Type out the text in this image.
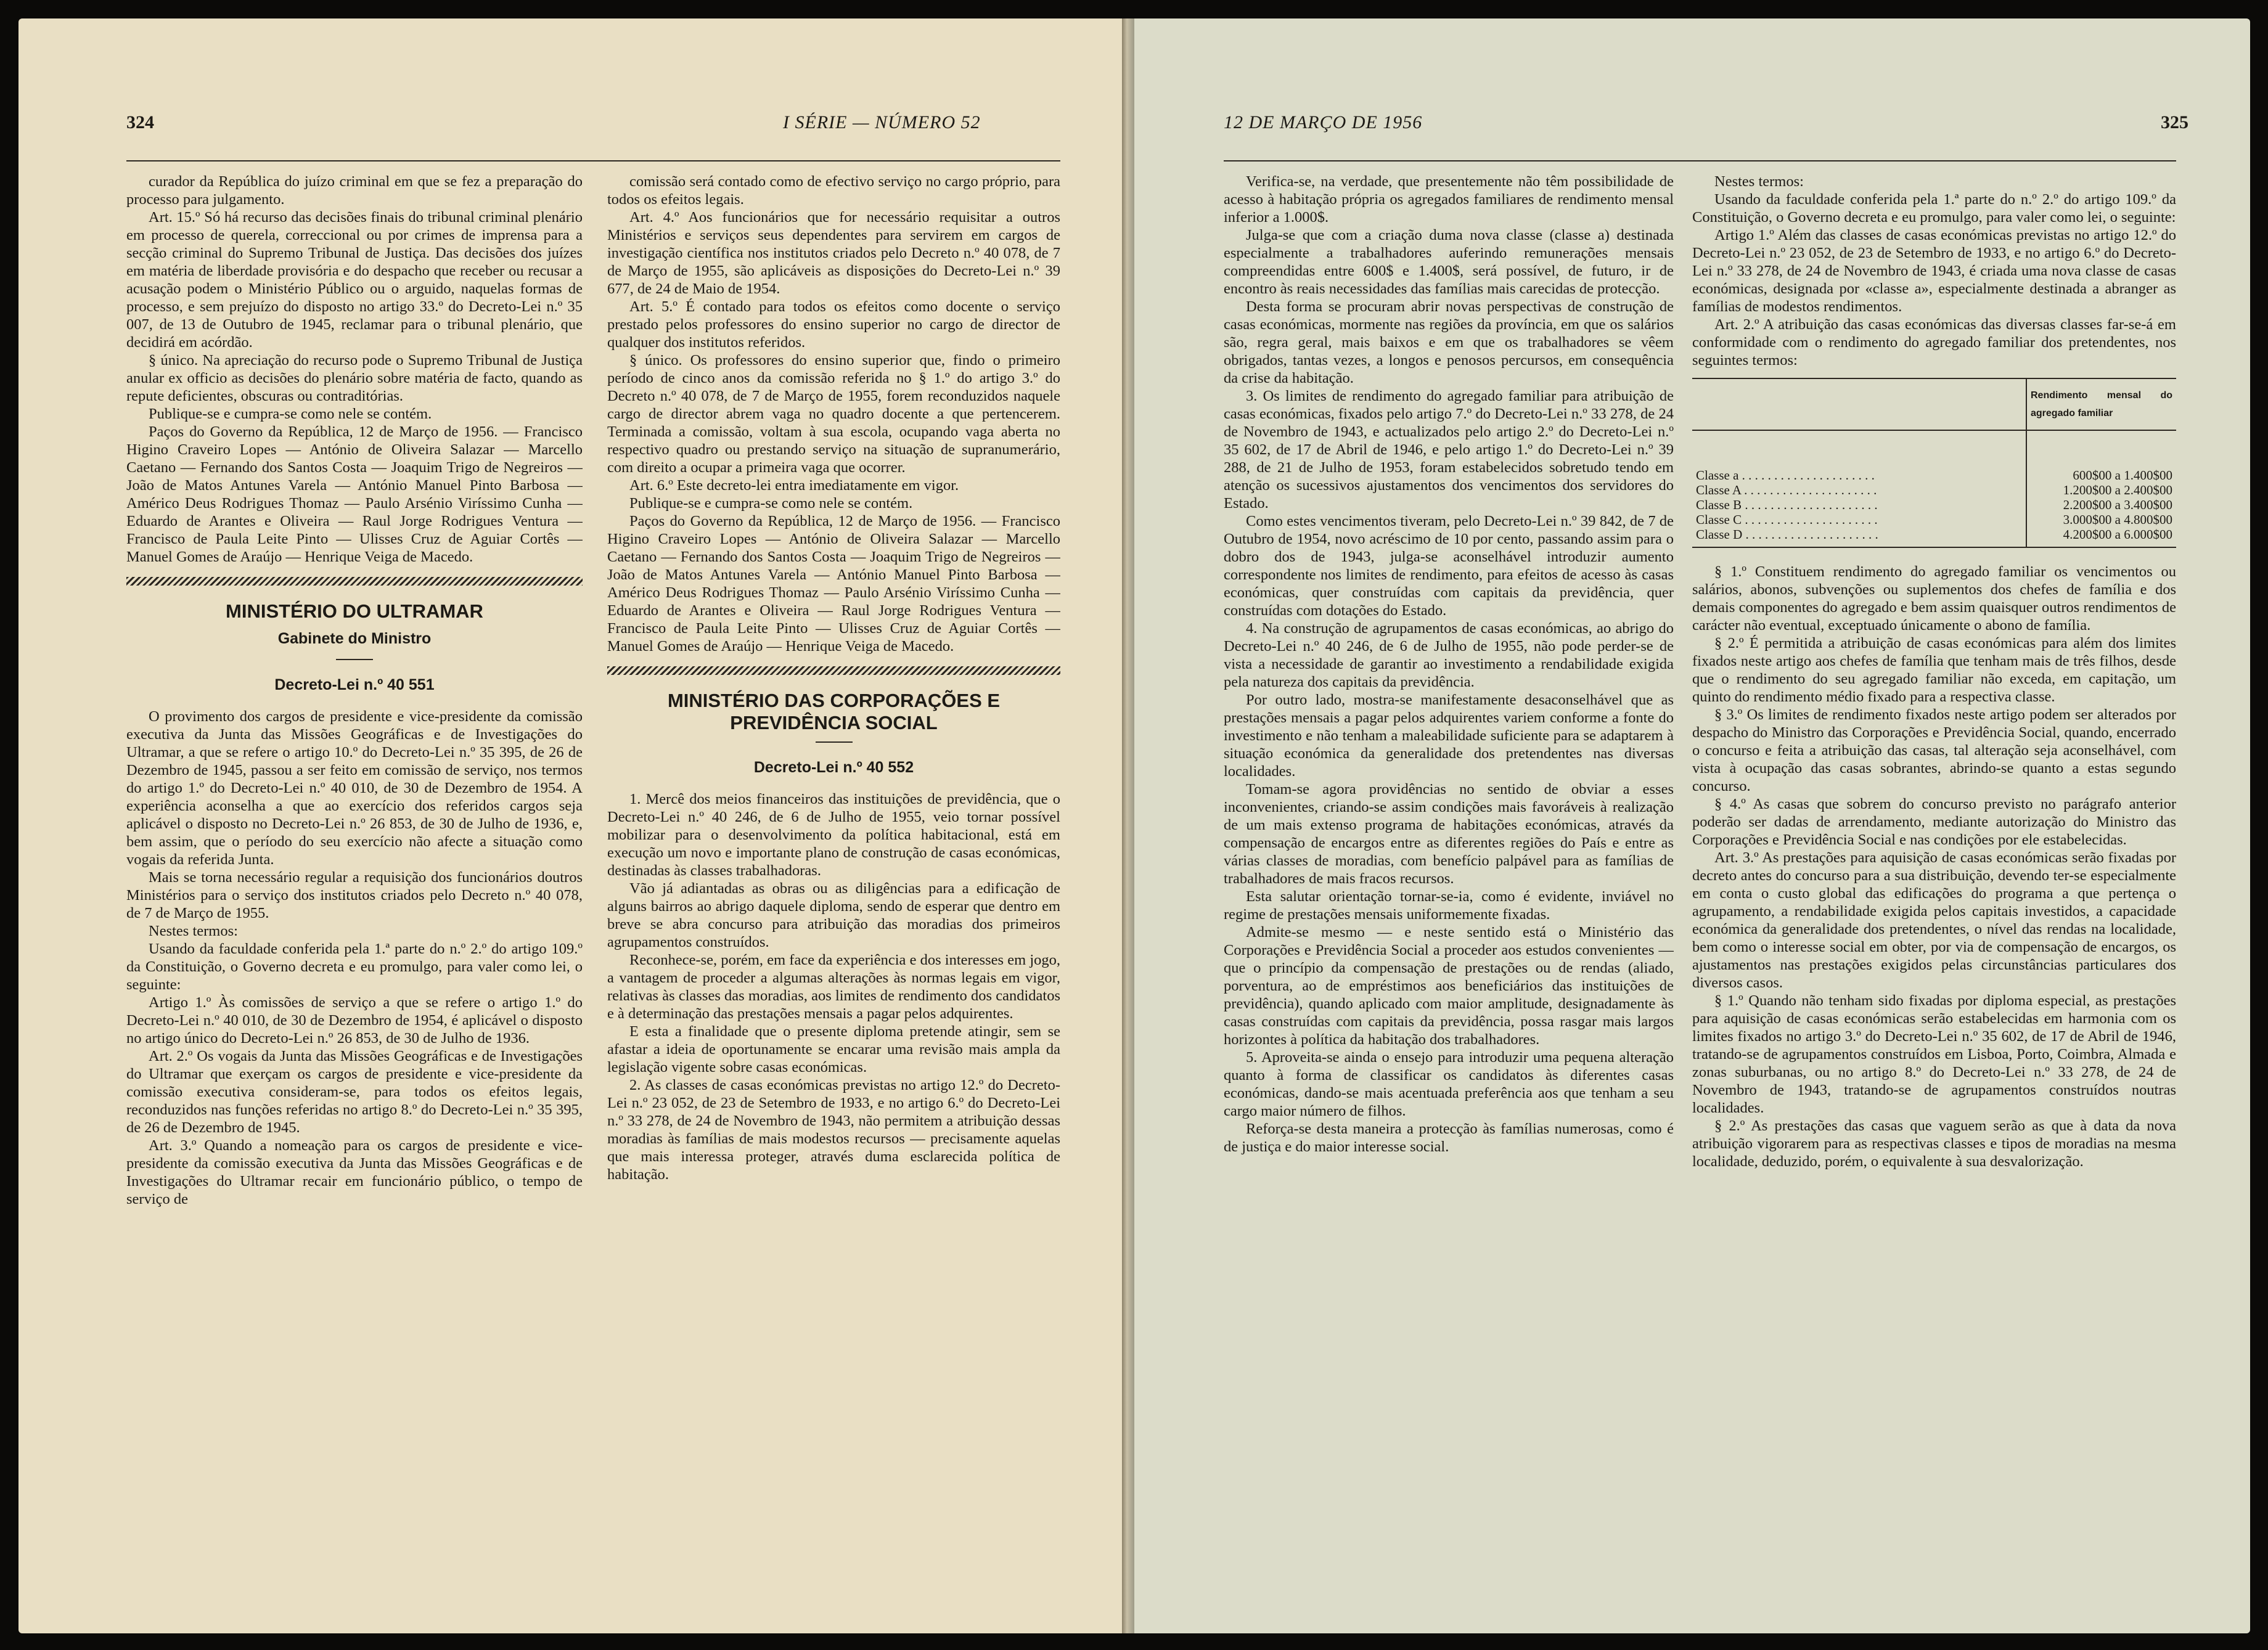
324	I SÉRIE — NÚMERO 52

curador da República do juízo criminal em que se fez a preparação do processo para julgamento.

Art. 15.º Só há recurso das decisões finais do tribunal criminal plenário em processo de querela, correccional ou por crimes de imprensa para a secção criminal do Supremo Tribunal de Justiça. Das decisões dos juízes em matéria de liberdade provisória e do despacho que receber ou recusar a acusação podem o Ministério Público ou o arguido, naquelas formas de processo, e sem prejuízo do disposto no artigo 33.º do Decreto-Lei n.º 35 007, de 13 de Outubro de 1945, reclamar para o tribunal plenário, que decidirá em acórdão.

§ único. Na apreciação do recurso pode o Supremo Tribunal de Justiça anular ex officio as decisões do plenário sobre matéria de facto, quando as repute deficientes, obscuras ou contraditórias.

Publique-se e cumpra-se como nele se contém.

Paços do Governo da República, 12 de Março de 1956. — Francisco Higino Craveiro Lopes — António de Oliveira Salazar — Marcello Caetano — Fernando dos Santos Costa — Joaquim Trigo de Negreiros — João de Matos Antunes Varela — António Manuel Pinto Barbosa — Américo Deus Rodrigues Thomaz — Paulo Arsénio Viríssimo Cunha — Eduardo de Arantes e Oliveira — Raul Jorge Rodrigues Ventura — Francisco de Paula Leite Pinto — Ulisses Cruz de Aguiar Cortês — Manuel Gomes de Araújo — Henrique Veiga de Macedo.

MINISTÉRIO DO ULTRAMAR
Gabinete do Ministro
Decreto-Lei n.º 40 551

O provimento dos cargos de presidente e vice-presidente da comissão executiva da Junta das Missões Geográficas e de Investigações do Ultramar, a que se refere o artigo 10.º do Decreto-Lei n.º 35 395, de 26 de Dezembro de 1945, passou a ser feito em comissão de serviço, nos termos do artigo 1.º do Decreto-Lei n.º 40 010, de 30 de Dezembro de 1954. A experiência aconselha a que ao exercício dos referidos cargos seja aplicável o disposto no Decreto-Lei n.º 26 853, de 30 de Julho de 1936, e, bem assim, que o período do seu exercício não afecte a situação como vogais da referida Junta.

Mais se torna necessário regular a requisição dos funcionários doutros Ministérios para o serviço dos institutos criados pelo Decreto n.º 40 078, de 7 de Março de 1955.

Nestes termos:

Usando da faculdade conferida pela 1.ª parte do n.º 2.º do artigo 109.º da Constituição, o Governo decreta e eu promulgo, para valer como lei, o seguinte:

Artigo 1.º Às comissões de serviço a que se refere o artigo 1.º do Decreto-Lei n.º 40 010, de 30 de Dezembro de 1954, é aplicável o disposto no artigo único do Decreto-Lei n.º 26 853, de 30 de Julho de 1936.

Art. 2.º Os vogais da Junta das Missões Geográficas e de Investigações do Ultramar que exerçam os cargos de presidente e vice-presidente da comissão executiva consideram-se, para todos os efeitos legais, reconduzidos nas funções referidas no artigo 8.º do Decreto-Lei n.º 35 395, de 26 de Dezembro de 1945.

Art. 3.º Quando a nomeação para os cargos de presidente e vice-presidente da comissão executiva da Junta das Missões Geográficas e de Investigações do Ultramar recair em funcionário público, o tempo de serviço de

comissão será contado como de efectivo serviço no cargo próprio, para todos os efeitos legais.

Art. 4.º Aos funcionários que for necessário requisitar a outros Ministérios e serviços seus dependentes para servirem em cargos de investigação científica nos institutos criados pelo Decreto n.º 40 078, de 7 de Março de 1955, são aplicáveis as disposições do Decreto-Lei n.º 39 677, de 24 de Maio de 1954.

Art. 5.º É contado para todos os efeitos como docente o serviço prestado pelos professores do ensino superior no cargo de director de qualquer dos institutos referidos.

§ único. Os professores do ensino superior que, findo o primeiro período de cinco anos da comissão referida no § 1.º do artigo 3.º do Decreto n.º 40 078, de 7 de Março de 1955, forem reconduzidos naquele cargo de director abrem vaga no quadro docente a que pertencerem. Terminada a comissão, voltam à sua escola, ocupando vaga aberta no respectivo quadro ou prestando serviço na situação de supranumerário, com direito a ocupar a primeira vaga que ocorrer.

Art. 6.º Este decreto-lei entra imediatamente em vigor.

Publique-se e cumpra-se como nele se contém.

Paços do Governo da República, 12 de Março de 1956. — Francisco Higino Craveiro Lopes — António de Oliveira Salazar — Marcello Caetano — Fernando dos Santos Costa — Joaquim Trigo de Negreiros — João de Matos Antunes Varela — António Manuel Pinto Barbosa — Américo Deus Rodrigues Thomaz — Paulo Arsénio Viríssimo Cunha — Eduardo de Arantes e Oliveira — Raul Jorge Rodrigues Ventura — Francisco de Paula Leite Pinto — Ulisses Cruz de Aguiar Cortês — Manuel Gomes de Araújo — Henrique Veiga de Macedo.

MINISTÉRIO DAS CORPORAÇÕES E PREVIDÊNCIA SOCIAL
Decreto-Lei n.º 40 552

1. Mercê dos meios financeiros das instituições de previdência, que o Decreto-Lei n.º 40 246, de 6 de Julho de 1955, veio tornar possível mobilizar para o desenvolvimento da política habitacional, está em execução um novo e importante plano de construção de casas económicas, destinadas às classes trabalhadoras.

Vão já adiantadas as obras ou as diligências para a edificação de alguns bairros ao abrigo daquele diploma, sendo de esperar que dentro em breve se abra concurso para atribuição das moradias dos primeiros agrupamentos construídos.

Reconhece-se, porém, em face da experiência e dos interesses em jogo, a vantagem de proceder a algumas alterações às normas legais em vigor, relativas às classes das moradias, aos limites de rendimento dos candidatos e à determinação das prestações mensais a pagar pelos adquirentes.

E esta a finalidade que o presente diploma pretende atingir, sem se afastar a ideia de oportunamente se encarar uma revisão mais ampla da legislação vigente sobre casas económicas.

2. As classes de casas económicas previstas no artigo 12.º do Decreto-Lei n.º 23 052, de 23 de Setembro de 1933, e no artigo 6.º do Decreto-Lei n.º 33 278, de 24 de Novembro de 1943, não permitem a atribuição dessas moradias às famílias de mais modestos recursos — precisamente aquelas que mais interessa proteger, através duma esclarecida política de habitação.

12 DE MARÇO DE 1956	325

Verifica-se, na verdade, que presentemente não têm possibilidade de acesso à habitação própria os agregados familiares de rendimento mensal inferior a 1.000$.

Julga-se que com a criação duma nova classe (classe a) destinada especialmente a trabalhadores auferindo remunerações mensais compreendidas entre 600$ e 1.400$, será possível, de futuro, ir de encontro às reais necessidades das famílias mais carecidas de protecção.

Desta forma se procuram abrir novas perspectivas de construção de casas económicas, mormente nas regiões da província, em que os salários são, regra geral, mais baixos e em que os trabalhadores se vêem obrigados, tantas vezes, a longos e penosos percursos, em consequência da crise da habitação.

3. Os limites de rendimento do agregado familiar para atribuição de casas económicas, fixados pelo artigo 7.º do Decreto-Lei n.º 33 278, de 24 de Novembro de 1943, e actualizados pelo artigo 2.º do Decreto-Lei n.º 35 602, de 17 de Abril de 1946, e pelo artigo 1.º do Decreto-Lei n.º 39 288, de 21 de Julho de 1953, foram estabelecidos sobretudo tendo em atenção os sucessivos ajustamentos dos vencimentos dos servidores do Estado.

Como estes vencimentos tiveram, pelo Decreto-Lei n.º 39 842, de 7 de Outubro de 1954, novo acréscimo de 10 por cento, passando assim para o dobro dos de 1943, julga-se aconselhável introduzir aumento correspondente nos limites de rendimento, para efeitos de acesso às casas económicas, quer construídas com capitais da previdência, quer construídas com dotações do Estado.

4. Na construção de agrupamentos de casas económicas, ao abrigo do Decreto-Lei n.º 40 246, de 6 de Julho de 1955, não pode perder-se de vista a necessidade de garantir ao investimento a rendabilidade exigida pela natureza dos capitais da previdência.

Por outro lado, mostra-se manifestamente desaconselhável que as prestações mensais a pagar pelos adquirentes variem conforme a fonte do investimento e não tenham a maleabilidade suficiente para se adaptarem à situação económica da generalidade dos pretendentes nas diversas localidades.

Tomam-se agora providências no sentido de obviar a esses inconvenientes, criando-se assim condições mais favoráveis à realização de um mais extenso programa de habitações económicas, através da compensação de encargos entre as diferentes regiões do País e entre as várias classes de moradias, com benefício palpável para as famílias de trabalhadores de mais fracos recursos.

Esta salutar orientação tornar-se-ia, como é evidente, inviável no regime de prestações mensais uniformemente fixadas.

Admite-se mesmo — e neste sentido está o Ministério das Corporações e Previdência Social a proceder aos estudos convenientes — que o princípio da compensação de prestações ou de rendas (aliado, porventura, ao de empréstimos aos beneficiários das instituições de previdência), quando aplicado com maior amplitude, designadamente às casas construídas com capitais da previdência, possa rasgar mais largos horizontes à política da habitação dos trabalhadores.

5. Aproveita-se ainda o ensejo para introduzir uma pequena alteração quanto à forma de classificar os candidatos às diferentes casas económicas, dando-se mais acentuada preferência aos que tenham a seu cargo maior número de filhos.

Reforça-se desta maneira a protecção às famílias numerosas, como é de justiça e do maior interesse social.

Nestes termos:

Usando da faculdade conferida pela 1.ª parte do n.º 2.º do artigo 109.º da Constituição, o Governo decreta e eu promulgo, para valer como lei, o seguinte:

Artigo 1.º Além das classes de casas económicas previstas no artigo 12.º do Decreto-Lei n.º 23 052, de 23 de Setembro de 1933, e no artigo 6.º do Decreto-Lei n.º 33 278, de 24 de Novembro de 1943, é criada uma nova classe de casas económicas, designada por «classe a», especialmente destinada a abranger as famílias de modestos rendimentos.

Art. 2.º A atribuição das casas económicas das diversas classes far-se-á em conformidade com o rendimento do agregado familiar dos pretendentes, nos seguintes termos:

	Rendimento mensal do agregado familiar
Classe a . . . . . . . . . . . . . . . . . . . . .	600$00 a 1.400$00
Classe A . . . . . . . . . . . . . . . . . . . . .	1.200$00 a 2.400$00
Classe B . . . . . . . . . . . . . . . . . . . . .	2.200$00 a 3.400$00
Classe C . . . . . . . . . . . . . . . . . . . . .	3.000$00 a 4.800$00
Classe D . . . . . . . . . . . . . . . . . . . . .	4.200$00 a 6.000$00

§ 1.º Constituem rendimento do agregado familiar os vencimentos ou salários, abonos, subvenções ou suplementos dos chefes de família e dos demais componentes do agregado e bem assim quaisquer outros rendimentos de carácter não eventual, exceptuado únicamente o abono de família.

§ 2.º É permitida a atribuição de casas económicas para além dos limites fixados neste artigo aos chefes de família que tenham mais de três filhos, desde que o rendimento do seu agregado familiar não exceda, em capitação, um quinto do rendimento médio fixado para a respectiva classe.

§ 3.º Os limites de rendimento fixados neste artigo podem ser alterados por despacho do Ministro das Corporações e Previdência Social, quando, encerrado o concurso e feita a atribuição das casas, tal alteração seja aconselhável, com vista à ocupação das casas sobrantes, abrindo-se quanto a estas segundo concurso.

§ 4.º As casas que sobrem do concurso previsto no parágrafo anterior poderão ser dadas de arrendamento, mediante autorização do Ministro das Corporações e Previdência Social e nas condições por ele estabelecidas.

Art. 3.º As prestações para aquisição de casas económicas serão fixadas por decreto antes do concurso para a sua distribuição, devendo ter-se especialmente em conta o custo global das edificações do programa a que pertença o agrupamento, a rendabilidade exigida pelos capitais investidos, a capacidade económica da generalidade dos pretendentes, o nível das rendas na localidade, bem como o interesse social em obter, por via de compensação de encargos, os ajustamentos nas prestações exigidos pelas circunstâncias particulares dos diversos casos.

§ 1.º Quando não tenham sido fixadas por diploma especial, as prestações para aquisição de casas económicas serão estabelecidas em harmonia com os limites fixados no artigo 3.º do Decreto-Lei n.º 35 602, de 17 de Abril de 1946, tratando-se de agrupamentos construídos em Lisboa, Porto, Coimbra, Almada e zonas suburbanas, ou no artigo 8.º do Decreto-Lei n.º 33 278, de 24 de Novembro de 1943, tratando-se de agrupamentos construídos noutras localidades.

§ 2.º As prestações das casas que vaguem serão as que à data da nova atribuição vigorarem para as respectivas classes e tipos de moradias na mesma localidade, deduzido, porém, o equivalente à sua desvalorização.
